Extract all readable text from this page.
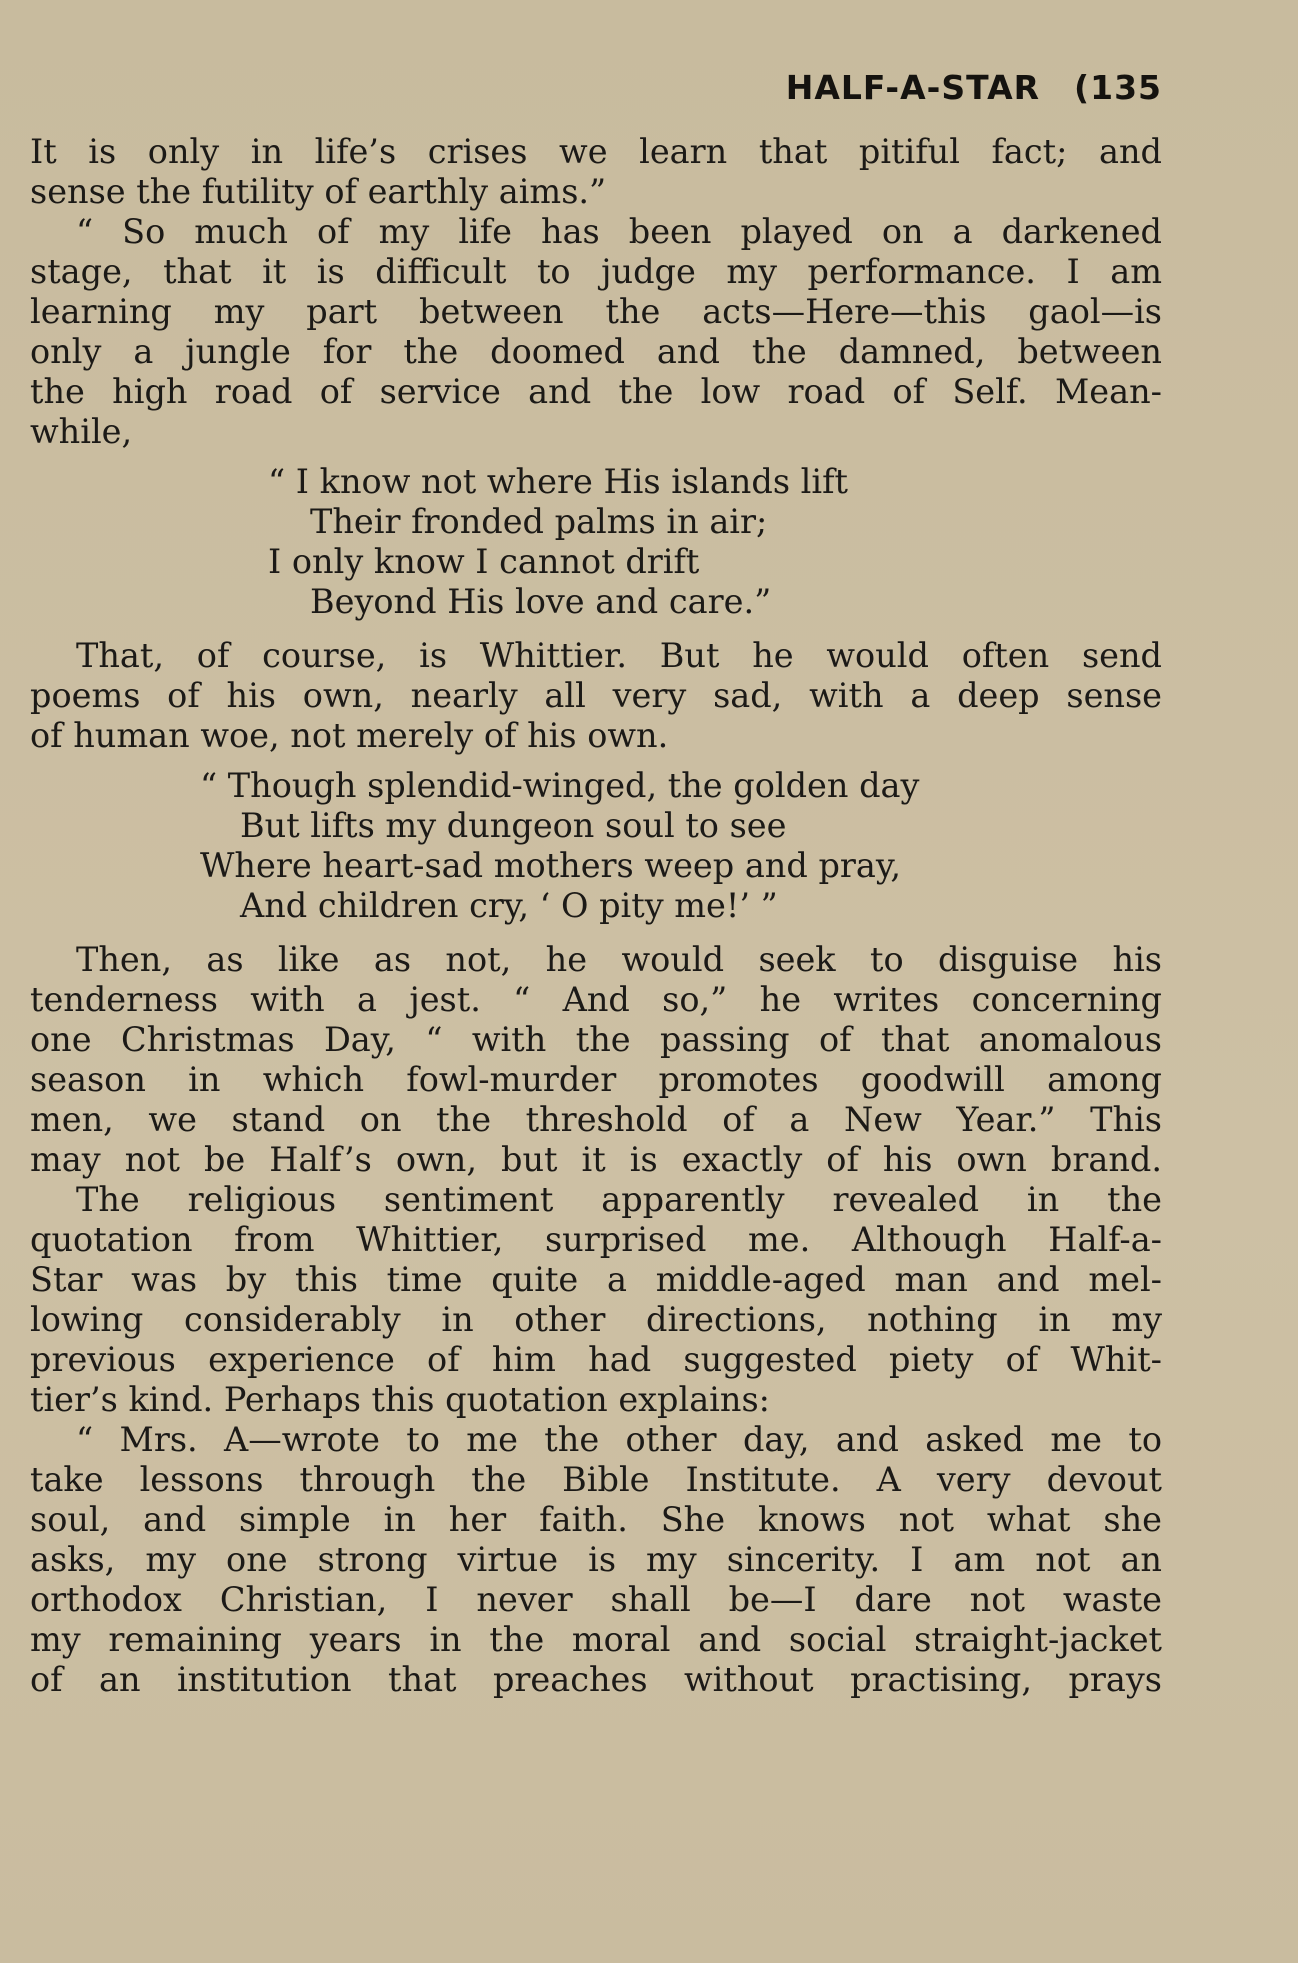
HALF-A-STAR (135
It is only in life’s crises we learn that pitiful fact; and
sense the futility of earthly aims.”
“ So much of my life has been played on a darkened
stage, that it is difficult to judge my performance. I am
learning my part between the acts—Here—this gaol—is
only a jungle for the doomed and the damned, between
the high road of service and the low road of Self. Mean-
while,
“ I know not where His islands lift
Their fronded palms in air;
I only know I cannot drift
Beyond His love and care.”
That, of course, is Whittier. But he would often send
poems of his own, nearly all very sad, with a deep sense
of human woe, not merely of his own.
“ Though splendid-winged, the golden day
But lifts my dungeon soul to see
Where heart-sad mothers weep and pray,
And children cry, ‘ O pity me!’ ”
Then, as like as not, he would seek to disguise his
tenderness with a jest. “ And so,” he writes concerning
one Christmas Day, “ with the passing of that anomalous
season in which fowl-murder promotes goodwill among
men, we stand on the threshold of a New Year.” This
may not be Half’s own, but it is exactly of his own brand.
The religious sentiment apparently revealed in the
quotation from Whittier, surprised me. Although Half-a-
Star was by this time quite a middle-aged man and mel-
lowing considerably in other directions, nothing in my
previous experience of him had suggested piety of Whit-
tier’s kind. Perhaps this quotation explains:
“ Mrs. A—wrote to me the other day, and asked me to
take lessons through the Bible Institute. A very devout
soul, and simple in her faith. She knows not what she
asks, my one strong virtue is my sincerity. I am not an
orthodox Christian, I never shall be—I dare not waste
my remaining years in the moral and social straight-jacket
of an institution that preaches without practising, prays
